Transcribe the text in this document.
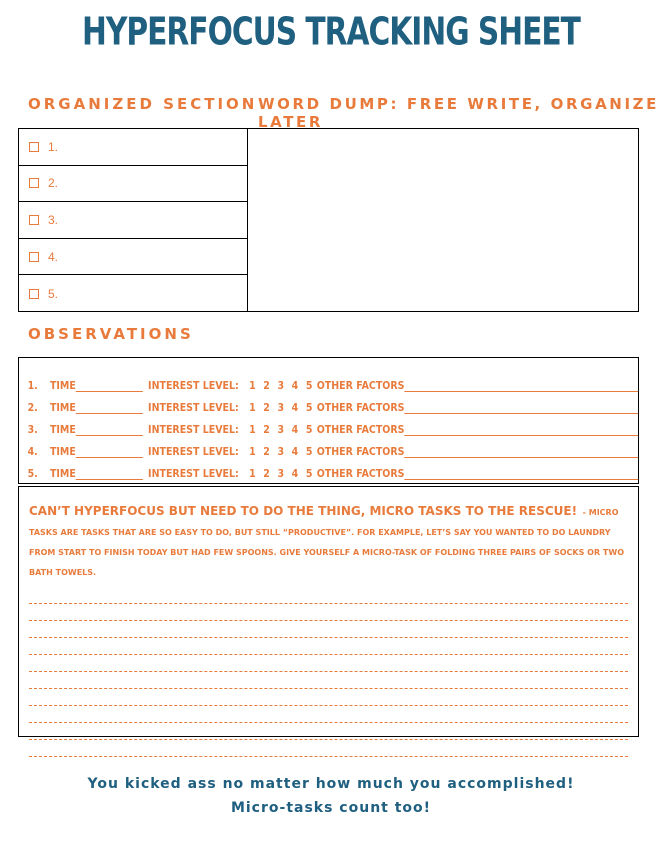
HYPERFOCUS TRACKING SHEET
ORGANIZED SECTION WORD DUMP: FREE WRITE, ORGANIZE LATER
1.
2.
3.
4.
5.
OBSERVATIONS
1.	TIME	INTEREST LEVEL: 1 2 3 4 5 OTHER FACTORS
2.	TIME	INTEREST LEVEL: 1 2 3 4 5 OTHER FACTORS
3.	TIME	INTEREST LEVEL: 1 2 3 4 5 OTHER FACTORS
4.	TIME	INTEREST LEVEL: 1 2 3 4 5 OTHER FACTORS
5.	TIME	INTEREST LEVEL: 1 2 3 4 5 OTHER FACTORS
CAN’T HYPERFOCUS BUT NEED TO DO THE THING, MICRO TASKS TO THE RESCUE! - MICRO TASKS ARE TASKS THAT ARE SO EASY TO DO, BUT STILL “PRODUCTIVE”. FOR EXAMPLE, LET’S SAY YOU WANTED TO DO LAUNDRY FROM START TO FINISH TODAY BUT HAD FEW SPOONS. GIVE YOURSELF A MICRO-TASK OF FOLDING THREE PAIRS OF SOCKS OR TWO BATH TOWELS.
You kicked ass no matter how much you accomplished!
Micro-tasks count too!
